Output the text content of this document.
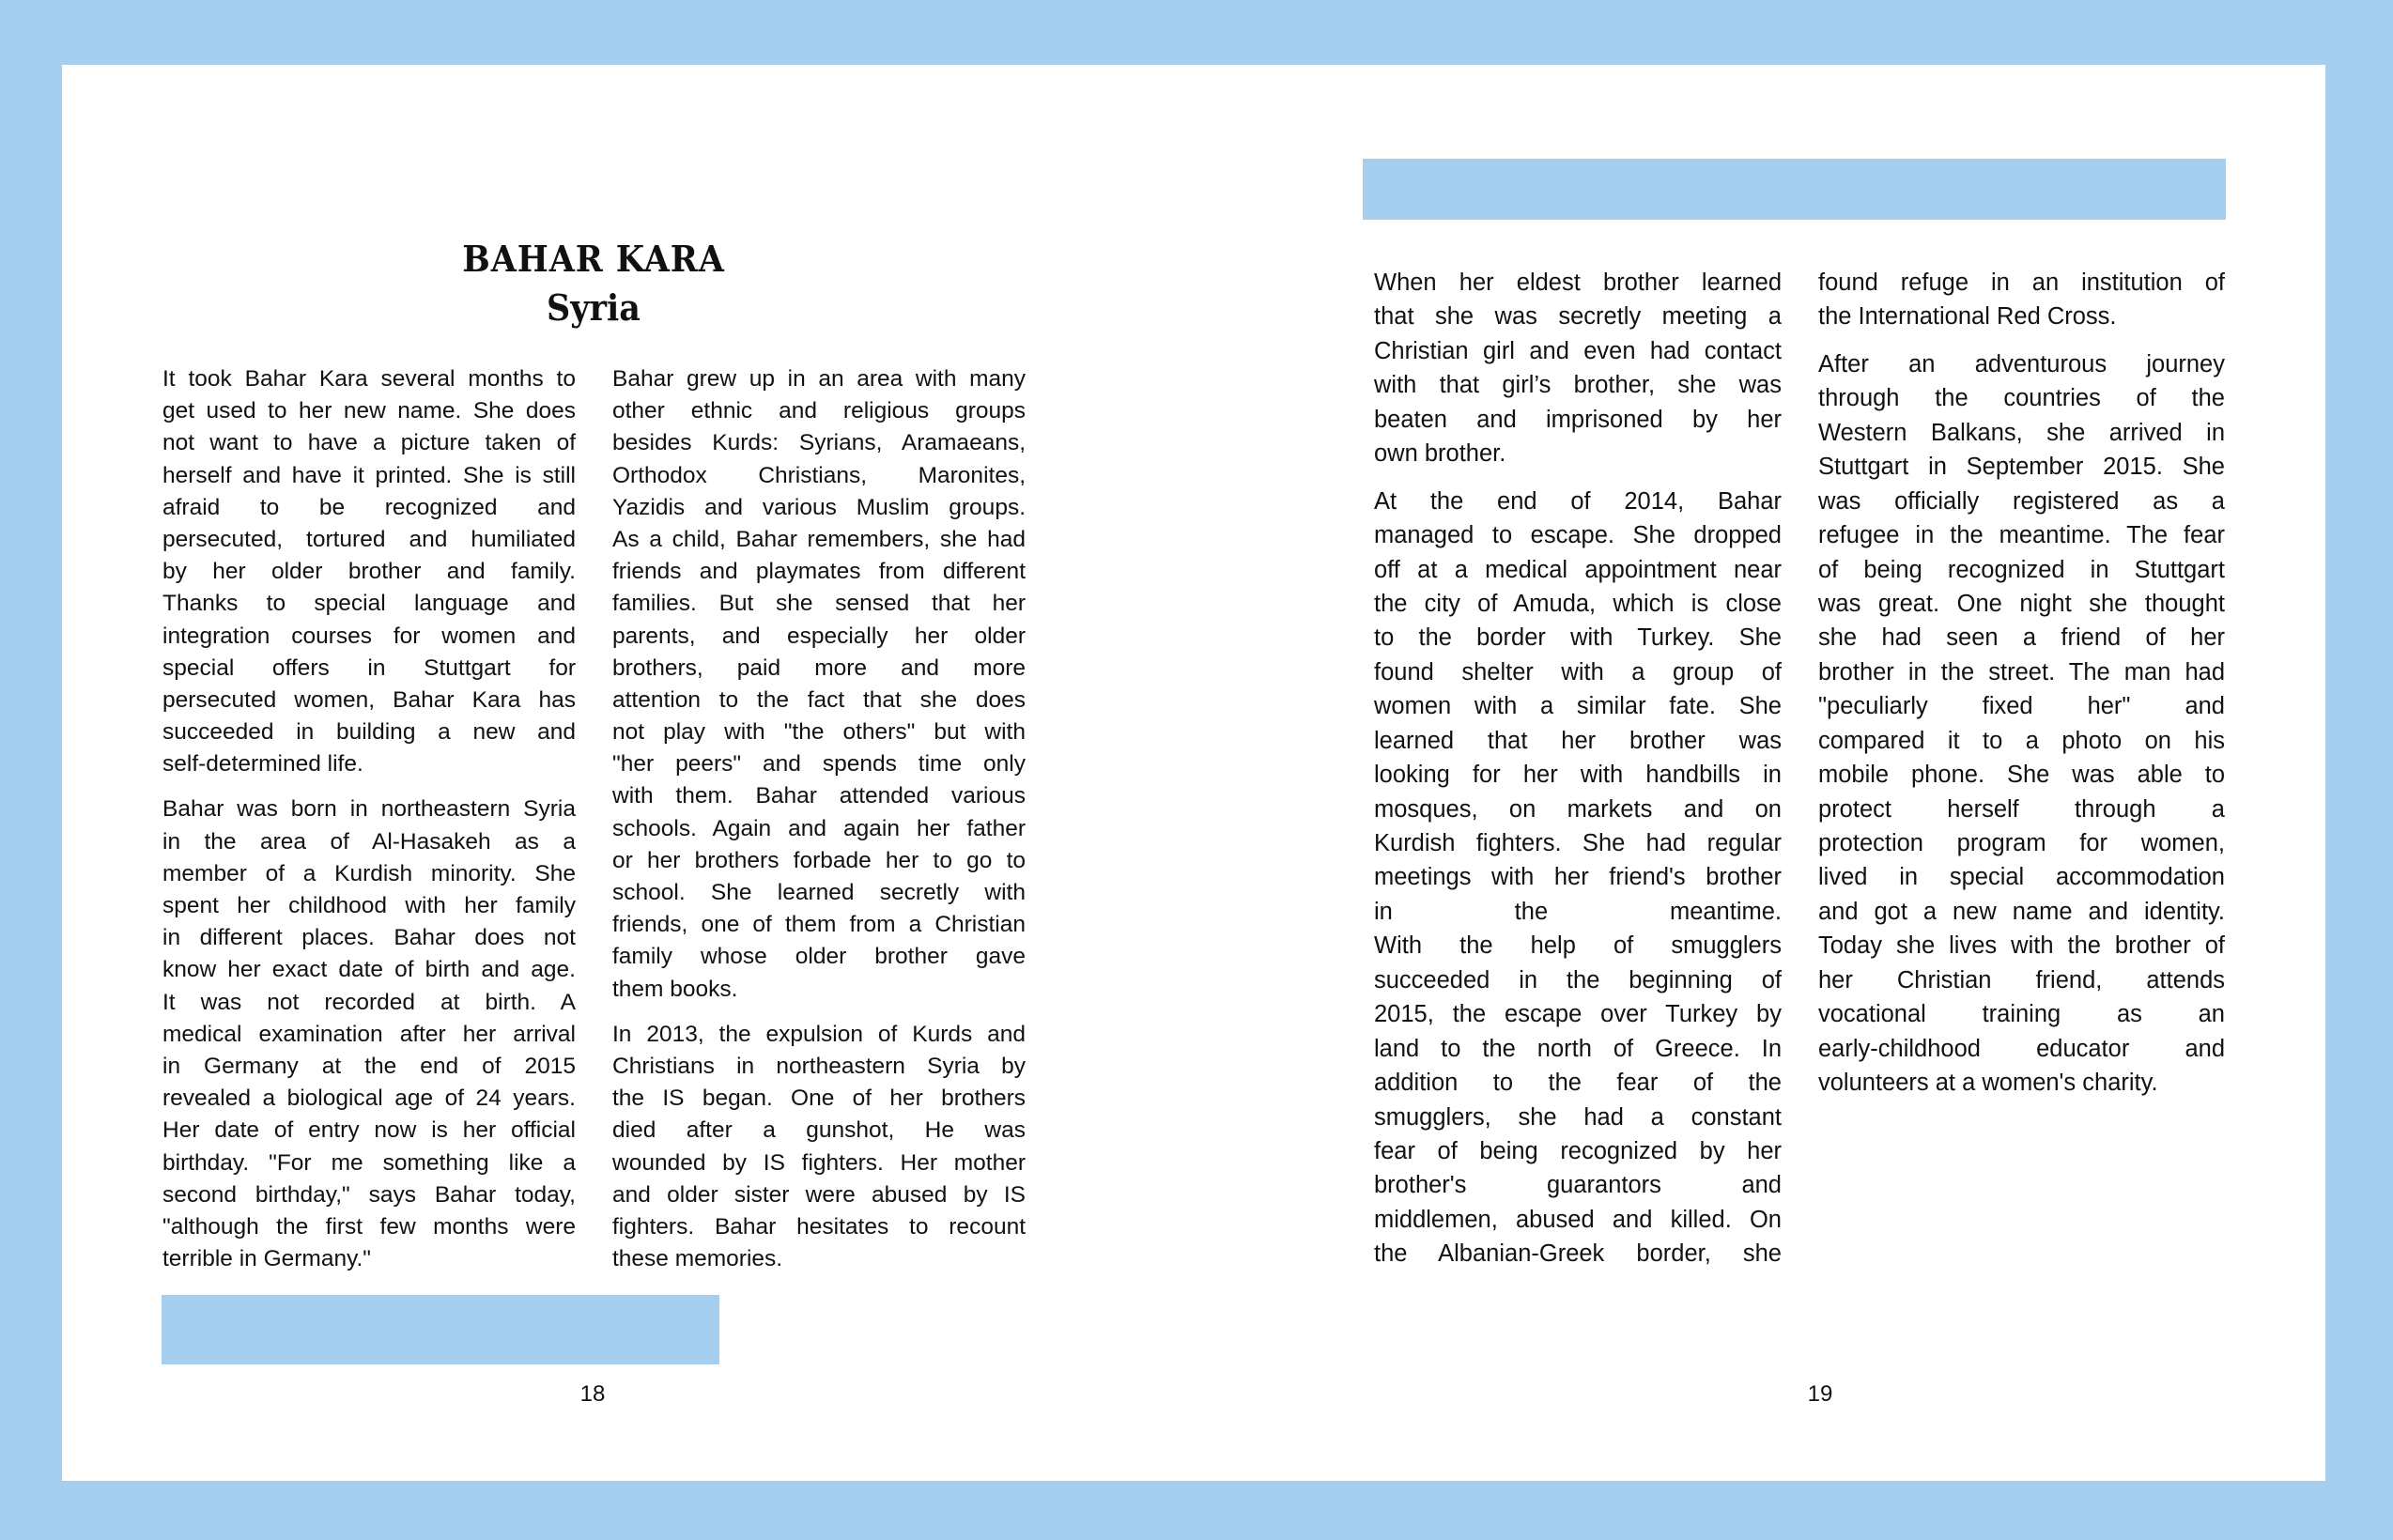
BAHAR KARA
Syria
It took Bahar Kara several months to
get used to her new name. She does
not want to have a picture taken of
herself and have it printed. She is still
afraid to be recognized and
persecuted, tortured and humiliated
by her older brother and family.
Thanks to special language and
integration courses for women and
special offers in Stuttgart for
persecuted women, Bahar Kara has
succeeded in building a new and
self-determined life.
Bahar was born in northeastern Syria
in the area of Al-Hasakeh as a
member of a Kurdish minority. She
spent her childhood with her family
in different places. Bahar does not
know her exact date of birth and age.
It was not recorded at birth. A
medical examination after her arrival
in Germany at the end of 2015
revealed a biological age of 24 years.
Her date of entry now is her official
birthday. "For me something like a
second birthday," says Bahar today,
"although the first few months were
terrible in Germany."
Bahar grew up in an area with many
other ethnic and religious groups
besides Kurds: Syrians, Aramaeans,
Orthodox Christians, Maronites,
Yazidis and various Muslim groups.
As a child, Bahar remembers, she had
friends and playmates from different
families. But she sensed that her
parents, and especially her older
brothers, paid more and more
attention to the fact that she does
not play with "the others" but with
"her peers" and spends time only
with them. Bahar attended various
schools. Again and again her father
or her brothers forbade her to go to
school. She learned secretly with
friends, one of them from a Christian
family whose older brother gave
them books.
In 2013, the expulsion of Kurds and
Christians in northeastern Syria by
the IS began. One of her brothers
died after a gunshot, He was
wounded by IS fighters. Her mother
and older sister were abused by IS
fighters. Bahar hesitates to recount
these memories.
When her eldest brother learned
that she was secretly meeting a
Christian girl and even had contact
with that girl’s brother, she was
beaten and imprisoned by her
own brother.
At the end of 2014, Bahar
managed to escape. She dropped
off at a medical appointment near
the city of Amuda, which is close
to the border with Turkey. She
found shelter with a group of
women with a similar fate. She
learned that her brother was
looking for her with handbills in
mosques, on markets and on
Kurdish fighters. She had regular
meetings with her friend's brother
in the meantime.
With the help of smugglers
succeeded in the beginning of
2015, the escape over Turkey by
land to the north of Greece. In
addition to the fear of the
smugglers, she had a constant
fear of being recognized by her
brother's guarantors and
middlemen, abused and killed. On
the Albanian-Greek border, she
found refuge in an institution of
the International Red Cross.
After an adventurous journey
through the countries of the
Western Balkans, she arrived in
Stuttgart in September 2015. She
was officially registered as a
refugee in the meantime. The fear
of being recognized in Stuttgart
was great. One night she thought
she had seen a friend of her
brother in the street. The man had
"peculiarly fixed her" and
compared it to a photo on his
mobile phone. She was able to
protect herself through a
protection program for women,
lived in special accommodation
and got a new name and identity.
Today she lives with the brother of
her Christian friend, attends
vocational training as an
early-childhood educator and
volunteers at a women's charity.
18	19
